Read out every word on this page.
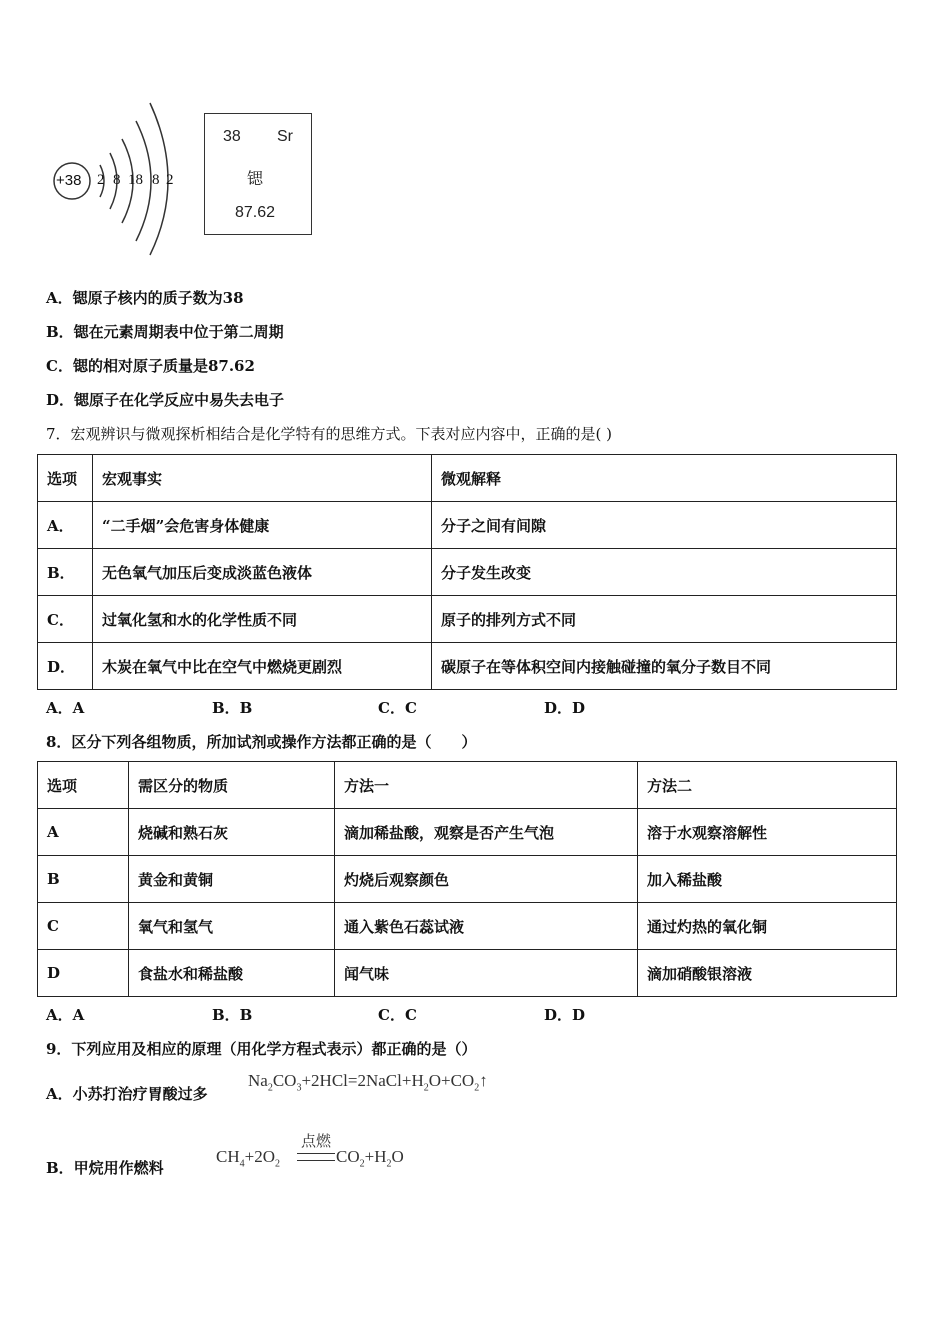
+38 2 8 18 8 2
38 Sr
锶
87.62
A．锶原子核内的质子数为38
B．锶在元素周期表中位于第二周期
C．锶的相对原子质量是87.62
D．锶原子在化学反应中易失去电子
7．宏观辨识与微观探析相结合是化学特有的思维方式。下表对应内容中，正确的是( )
选项	宏观事实	微观解释
A．	“二手烟”会危害身体健康	分子之间有间隙
B．	无色氧气加压后变成淡蓝色液体	分子发生改变
C．	过氧化氢和水的化学性质不同	原子的排列方式不同
D．	木炭在氧气中比在空气中燃烧更剧烈	碳原子在等体积空间内接触碰撞的氧分子数目不同
A．A	B．B	C．C	D．D
8．区分下列各组物质，所加试剂或操作方法都正确的是（　　）
选项	需区分的物质	方法一	方法二
A	烧碱和熟石灰	滴加稀盐酸，观察是否产生气泡	溶于水观察溶解性
B	黄金和黄铜	灼烧后观察颜色	加入稀盐酸
C	氧气和氢气	通入紫色石蕊试液	通过灼热的氧化铜
D	食盐水和稀盐酸	闻气味	滴加硝酸银溶液
A．A	B．B	C．C	D．D
9．下列应用及相应的原理（用化学方程式表示）都正确的是（）
A．小苏打治疗胃酸过多
$Na_2CO_3+2HCl=2NaCl+H_2O+CO_2↑$
B．甲烷用作燃料
$CH_4+2O_2$
点燃
$CO_2+H_2O$
